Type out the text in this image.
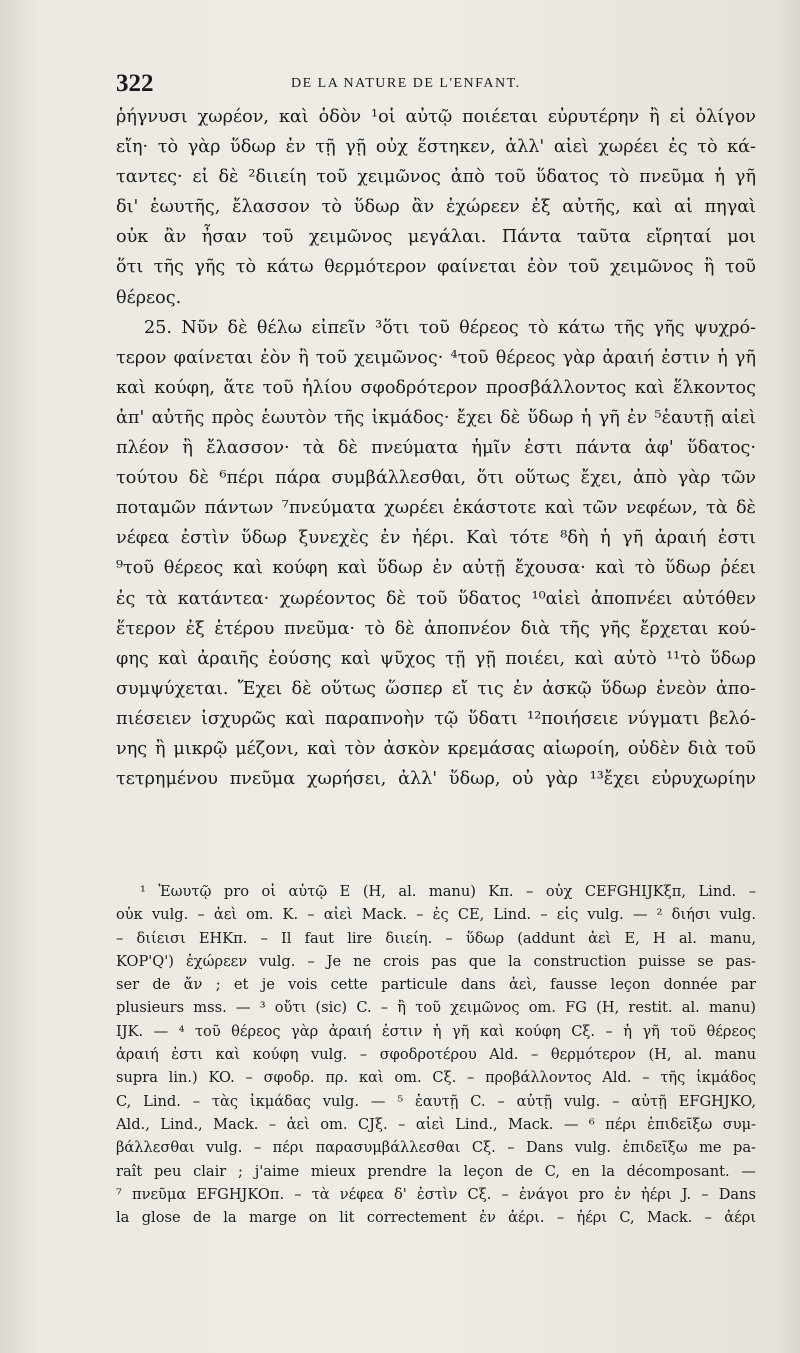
322	DE LA NATURE DE L'ENFANT.
ῥήγνυσι χωρέον, καὶ ὁδὸν ¹οἱ αὐτῷ ποιέεται εὐρυτέρην ἢ εἰ ὀλίγον
εἴη· τὸ γὰρ ὕδωρ ἐν τῇ γῇ οὐχ ἕστηκεν, ἀλλ' αἰεὶ χωρέει ἐς τὸ κά-
ταντες· εἰ δὲ ²διιείη τοῦ χειμῶνος ἀπὸ τοῦ ὕδατος τὸ πνεῦμα ἡ γῆ
δι' ἑωυτῆς, ἔλασσον τὸ ὕδωρ ἂν ἐχώρεεν ἐξ αὐτῆς, καὶ αἱ πηγαὶ
οὐκ ἂν ἦσαν τοῦ χειμῶνος μεγάλαι. Πάντα ταῦτα εἴρηταί μοι
ὅτι τῆς γῆς τὸ κάτω θερμότερον φαίνεται ἐὸν τοῦ χειμῶνος ἢ τοῦ
θέρεος.
25. Νῦν δὲ θέλω εἰπεῖν ³ὅτι τοῦ θέρεος τὸ κάτω τῆς γῆς ψυχρό-
τερον φαίνεται ἐὸν ἢ τοῦ χειμῶνος· ⁴τοῦ θέρεος γὰρ ἀραιή ἐστιν ἡ γῆ
καὶ κούφη, ἅτε τοῦ ἡλίου σφοδρότερον προσβάλλοντος καὶ ἕλκοντος
ἀπ' αὐτῆς πρὸς ἑωυτὸν τῆς ἰκμάδος· ἔχει δὲ ὕδωρ ἡ γῆ ἐν ⁵ἑαυτῇ αἰεὶ
πλέον ἢ ἔλασσον· τὰ δὲ πνεύματα ἡμῖν ἐστι πάντα ἀφ' ὕδατος·
τούτου δὲ ⁶πέρι πάρα συμβάλλεσθαι, ὅτι οὕτως ἔχει, ἀπὸ γὰρ τῶν
ποταμῶν πάντων ⁷πνεύματα χωρέει ἑκάστοτε καὶ τῶν νεφέων, τὰ δὲ
νέφεα ἐστὶν ὕδωρ ξυνεχὲς ἐν ἠέρι. Καὶ τότε ⁸δὴ ἡ γῆ ἀραιή ἐστι
⁹τοῦ θέρεος καὶ κούφη καὶ ὕδωρ ἐν αὐτῇ ἔχουσα· καὶ τὸ ὕδωρ ῥέει
ἐς τὰ κατάντεα· χωρέοντος δὲ τοῦ ὕδατος ¹⁰αἰεὶ ἀποπνέει αὐτόθεν
ἕτερον ἐξ ἑτέρου πνεῦμα· τὸ δὲ ἀποπνέον διὰ τῆς γῆς ἔρχεται κού-
φης καὶ ἀραιῆς ἐούσης καὶ ψῦχος τῇ γῇ ποιέει, καὶ αὐτὸ ¹¹τὸ ὕδωρ
συμψύχεται. Ἔχει δὲ οὕτως ὥσπερ εἴ τις ἐν ἀσκῷ ὕδωρ ἐνεὸν ἀπο-
πιέσειεν ἰσχυρῶς καὶ παραπνοὴν τῷ ὕδατι ¹²ποιήσειε νύγματι βελό-
νης ἢ μικρῷ μέζονι, καὶ τὸν ἀσκὸν κρεμάσας αἰωροίη, οὐδὲν διὰ τοῦ
τετρημένου πνεῦμα χωρήσει, ἀλλ' ὕδωρ, οὐ γὰρ ¹³ἔχει εὐρυχωρίην
¹ Ἑωυτῷ pro οἱ αὐτῷ E (H, al. manu) Kπ. – οὐχ CEFGHIJKξπ, Lind. –
οὐκ vulg. – ἀεὶ om. K. – αἰεὶ Mack. – ἐς CE, Lind. – εἰς vulg. — ² διήσι vulg.
– διίεισι EHKπ. – Il faut lire διιείη. – ὕδωρ (addunt ἀεὶ E, H al. manu,
KOP'Q') ἐχώρεεν vulg. – Je ne crois pas que la construction puisse se pas-
ser de ἄν ; et je vois cette particule dans ἀεὶ, fausse leçon donnée par
plusieurs mss. — ³ οὔτι (sic) C. – ἢ τοῦ χειμῶνος om. FG (H, restit. al. manu)
IJK. — ⁴ τοῦ θέρεος γὰρ ἀραιή ἐστιν ἡ γῆ καὶ κούφη Cξ. – ἡ γῆ τοῦ θέρεος
ἀραιή ἐστι καὶ κούφη vulg. – σφοδροτέρου Ald. – θερμότερον (H, al. manu
supra lin.) KO. – σφοδρ. πρ. καὶ om. Cξ. – προβάλλοντος Ald. – τῆς ἰκμάδος
C, Lind. – τὰς ἰκμάδας vulg. — ⁵ ἑαυτῇ C. – αὐτῇ vulg. – αὐτῇ EFGHJKO,
Ald., Lind., Mack. – ἀεὶ om. CJξ. – αἰεὶ Lind., Mack. — ⁶ πέρι ἐπιδεῖξω συμ-
βάλλεσθαι vulg. – πέρι παρασυμβάλλεσθαι Cξ. – Dans vulg. ἐπιδεῖξω me pa-
raît peu clair ; j'aime mieux prendre la leçon de C, en la décomposant. —
⁷ πνεῦμα EFGHJKOπ. – τὰ νέφεα δ' ἐστὶν Cξ. – ἐνάγοι pro ἐν ἠέρι J. – Dans
la glose de la marge on lit correctement ἐν ἀέρι. – ἠέρι C, Mack. – ἀέρι
